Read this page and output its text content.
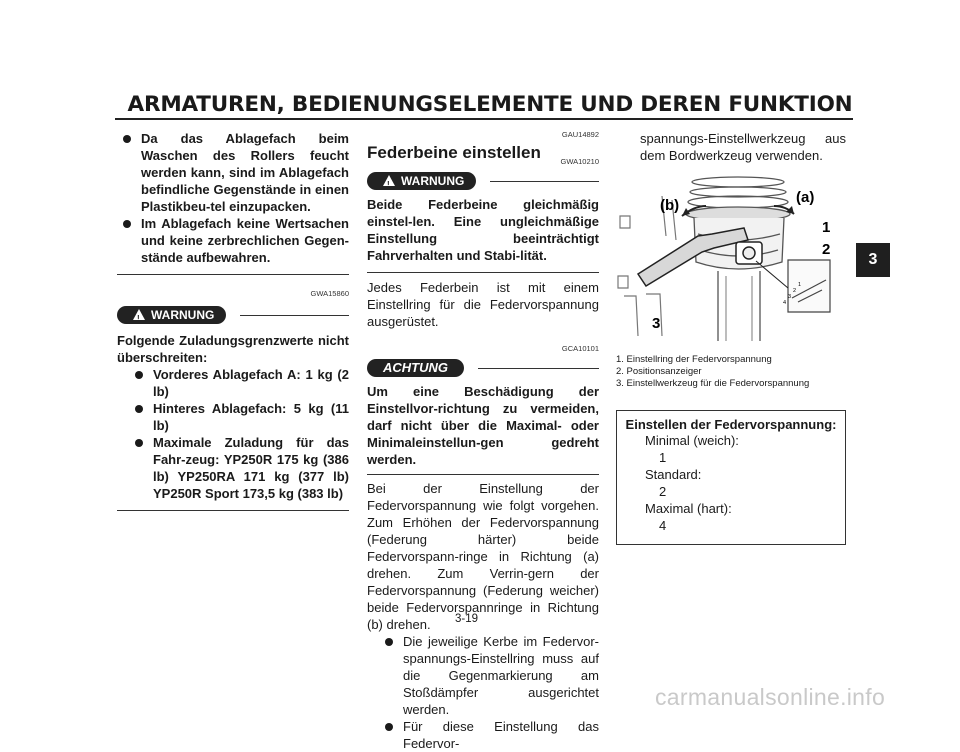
ARMATUREN, BEDIENUNGSELEMENTE UND DEREN FUNKTION
3
Da das Ablagefach beim Waschen des Rollers feucht werden kann, sind im Ablagefach befindliche Gegenstände in einen Plastikbeu-tel einzupacken.
Im Ablagefach keine Wertsachen und keine zerbrechlichen Gegen-stände aufbewahren.
GWA15860
!WARNUNG
Folgende Zuladungsgrenzwerte nicht überschreiten:
Vorderes Ablagefach A: 1 kg (2 lb)
Hinteres Ablagefach: 5 kg (11 lb)
Maximale Zuladung für das Fahr-zeug: YP250R 175 kg (386 lb) YP250RA 171 kg (377 lb) YP250R Sport 173,5 kg (383 lb)
GAU14892
Federbeine einstellen	GWA10210
!WARNUNG
Beide Federbeine gleichmäßig einstel-len. Eine ungleichmäßige Einstellung beeinträchtigt Fahrverhalten und Stabi-lität.
Jedes Federbein ist mit einem Einstellring für die Federvorspannung ausgerüstet.
GCA10101
ACHTUNG
Um eine Beschädigung der Einstellvor-richtung zu vermeiden, darf nicht über die Maximal- oder Minimaleinstellun-gen gedreht werden.
Bei der Einstellung der Federvorspannung wie folgt vorgehen. Zum Erhöhen der Federvorspannung (Federung härter) beide Federvorspann-ringe in Richtung (a) drehen. Zum Verrin-gern der Federvorspannung (Federung weicher) beide Federvorspannringe in Richtung (b) drehen.
Die jeweilige Kerbe im Federvor-spannungs-Einstellring muss auf die Gegenmarkierung am Stoßdämpfer ausgerichtet werden.
Für diese Einstellung das Federvor-
spannungs-Einstellwerkzeug aus dem Bordwerkzeug verwenden.
(b)	(a)
1
2
3
4
3
2
1
1. Einstellring der Federvorspannung
2. Positionsanzeiger
3. Einstellwerkzeug für die Federvorspannung
Einstellen der Federvorspannung:
Minimal (weich):
1
Standard:
2
Maximal (hart):
4
3-19
carmanualsonline.info
